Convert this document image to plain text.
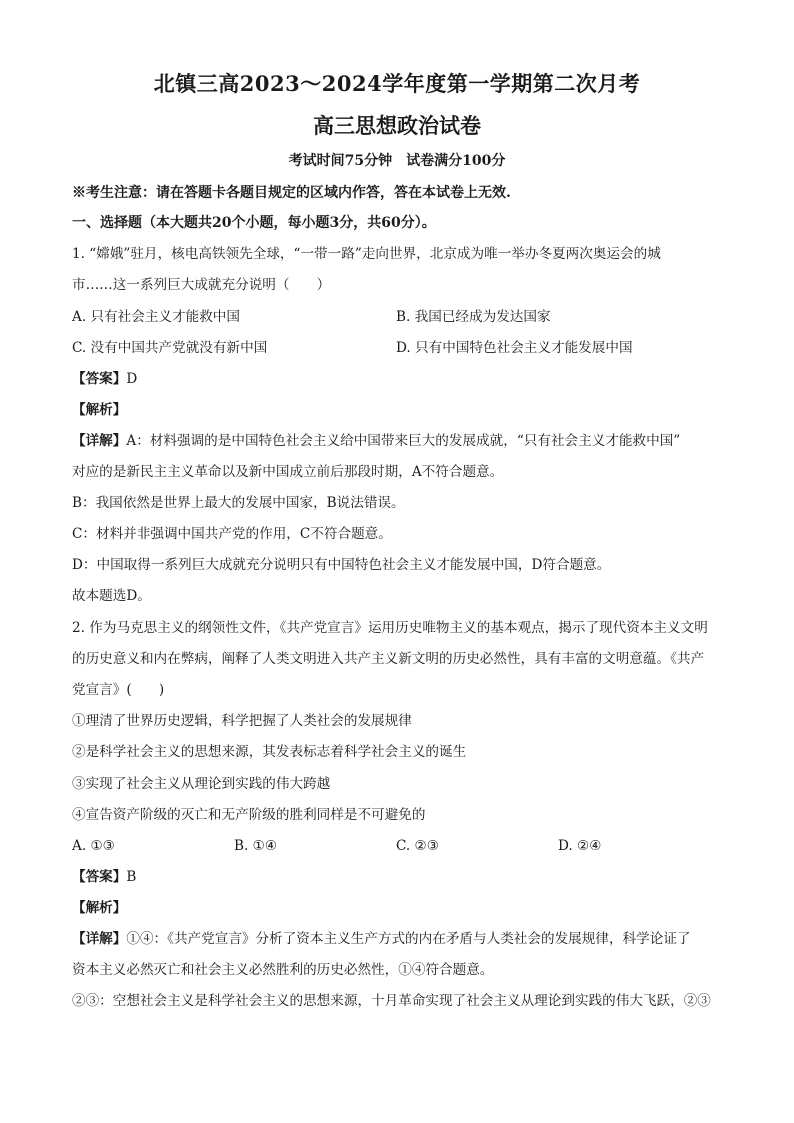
北镇三高2023～2024学年度第一学期第二次月考
高三思想政治试卷
考试时间75分钟　试卷满分100分
※考生注意：请在答题卡各题目规定的区域内作答，答在本试卷上无效.
一、选择题（本大题共20个小题，每小题3分，共60分）。
1. “嫦娥”驻月，核电高铁领先全球，“一带一路”走向世界，北京成为唯一举办冬夏两次奥运会的城
市……这一系列巨大成就充分说明（　　）
A. 只有社会主义才能救中国	B. 我国已经成为发达国家
C. 没有中国共产党就没有新中国	D. 只有中国特色社会主义才能发展中国
【答案】D
【解析】
【详解】A：材料强调的是中国特色社会主义给中国带来巨大的发展成就，“只有社会主义才能救中国”
对应的是新民主主义革命以及新中国成立前后那段时期，A不符合题意。
B：我国依然是世界上最大的发展中国家，B说法错误。
C：材料并非强调中国共产党的作用，C不符合题意。
D：中国取得一系列巨大成就充分说明只有中国特色社会主义才能发展中国，D符合题意。
故本题选D。
2. 作为马克思主义的纲领性文件，《共产党宣言》运用历史唯物主义的基本观点，揭示了现代资本主义文明
的历史意义和内在弊病，阐释了人类文明进入共产主义新文明的历史必然性，具有丰富的文明意蕴。《共产
党宣言》(　　)
①理清了世界历史逻辑，科学把握了人类社会的发展规律
②是科学社会主义的思想来源，其发表标志着科学社会主义的诞生
③实现了社会主义从理论到实践的伟大跨越
④宣告资产阶级的灭亡和无产阶级的胜利同样是不可避免的
A. ①③	B. ①④	C. ②③	D. ②④
【答案】B
【解析】
【详解】①④：《共产党宣言》分析了资本主义生产方式的内在矛盾与人类社会的发展规律，科学论证了
资本主义必然灭亡和社会主义必然胜利的历史必然性，①④符合题意。
②③：空想社会主义是科学社会主义的思想来源，十月革命实现了社会主义从理论到实践的伟大飞跃，②③
